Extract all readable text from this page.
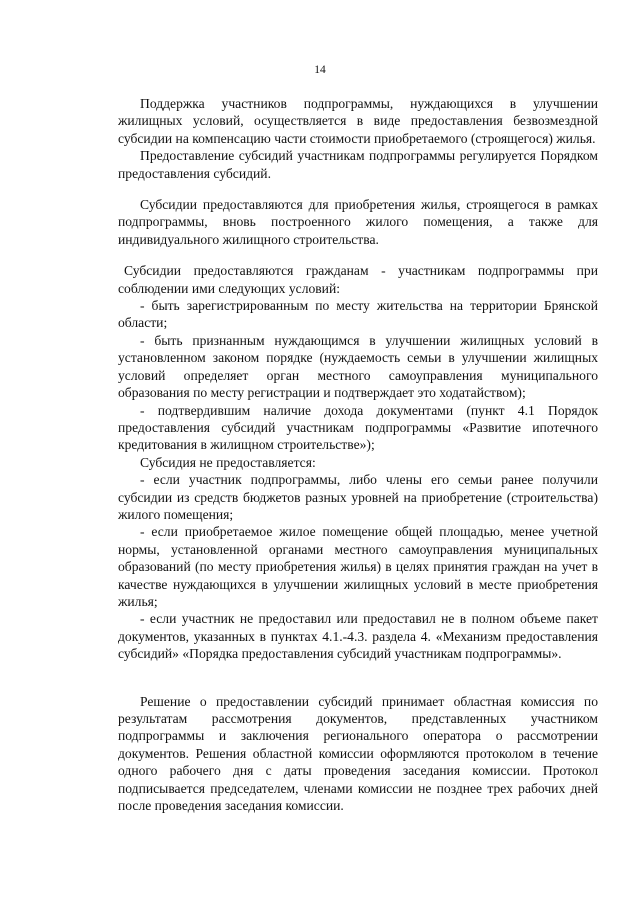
14

Поддержка участников подпрограммы, нуждающихся в улучшении жилищных условий, осуществляется в виде предоставления безвозмездной субсидии на компенсацию части стоимости приобретаемого (строящегося) жилья.

Предоставление субсидий участникам подпрограммы регулируется Порядком предоставления субсидий.

Субсидии предоставляются для приобретения жилья, строящегося в рамках подпрограммы, вновь построенного жилого помещения, а также для индивидуального жилищного строительства.

Субсидии предоставляются гражданам - участникам подпрограммы при соблюдении ими следующих условий:

- быть зарегистрированным по месту жительства на территории Брянской области;

- быть признанным нуждающимся в улучшении жилищных условий в установленном законом порядке (нуждаемость семьи в улучшении жилищных условий определяет орган местного самоуправления муниципального образования по месту регистрации и подтверждает это ходатайством);

- подтвердившим наличие дохода документами (пункт 4.1 Порядок предоставления субсидий участникам подпрограммы «Развитие ипотечного кредитования в жилищном строительстве»);

Субсидия не предоставляется:

- если участник подпрограммы, либо члены его семьи ранее получили субсидии из средств бюджетов разных уровней на приобретение (строительства) жилого помещения;

- если приобретаемое жилое помещение общей площадью, менее учетной нормы, установленной органами местного самоуправления муниципальных образований (по месту приобретения жилья) в целях принятия граждан на учет в качестве нуждающихся в улучшении жилищных условий в месте приобретения жилья;

- если участник не предоставил или предоставил не в полном объеме пакет документов, указанных в пунктах 4.1.-4.3. раздела 4. «Механизм предоставления субсидий» «Порядка предоставления субсидий участникам подпрограммы».

Решение о предоставлении субсидий принимает областная комиссия по результатам рассмотрения документов, представленных участником подпрограммы и заключения регионального оператора о рассмотрении документов. Решения областной комиссии оформляются протоколом в течение одного рабочего дня с даты проведения заседания комиссии. Протокол подписывается председателем, членами комиссии не позднее трех рабочих дней после проведения заседания комиссии.
